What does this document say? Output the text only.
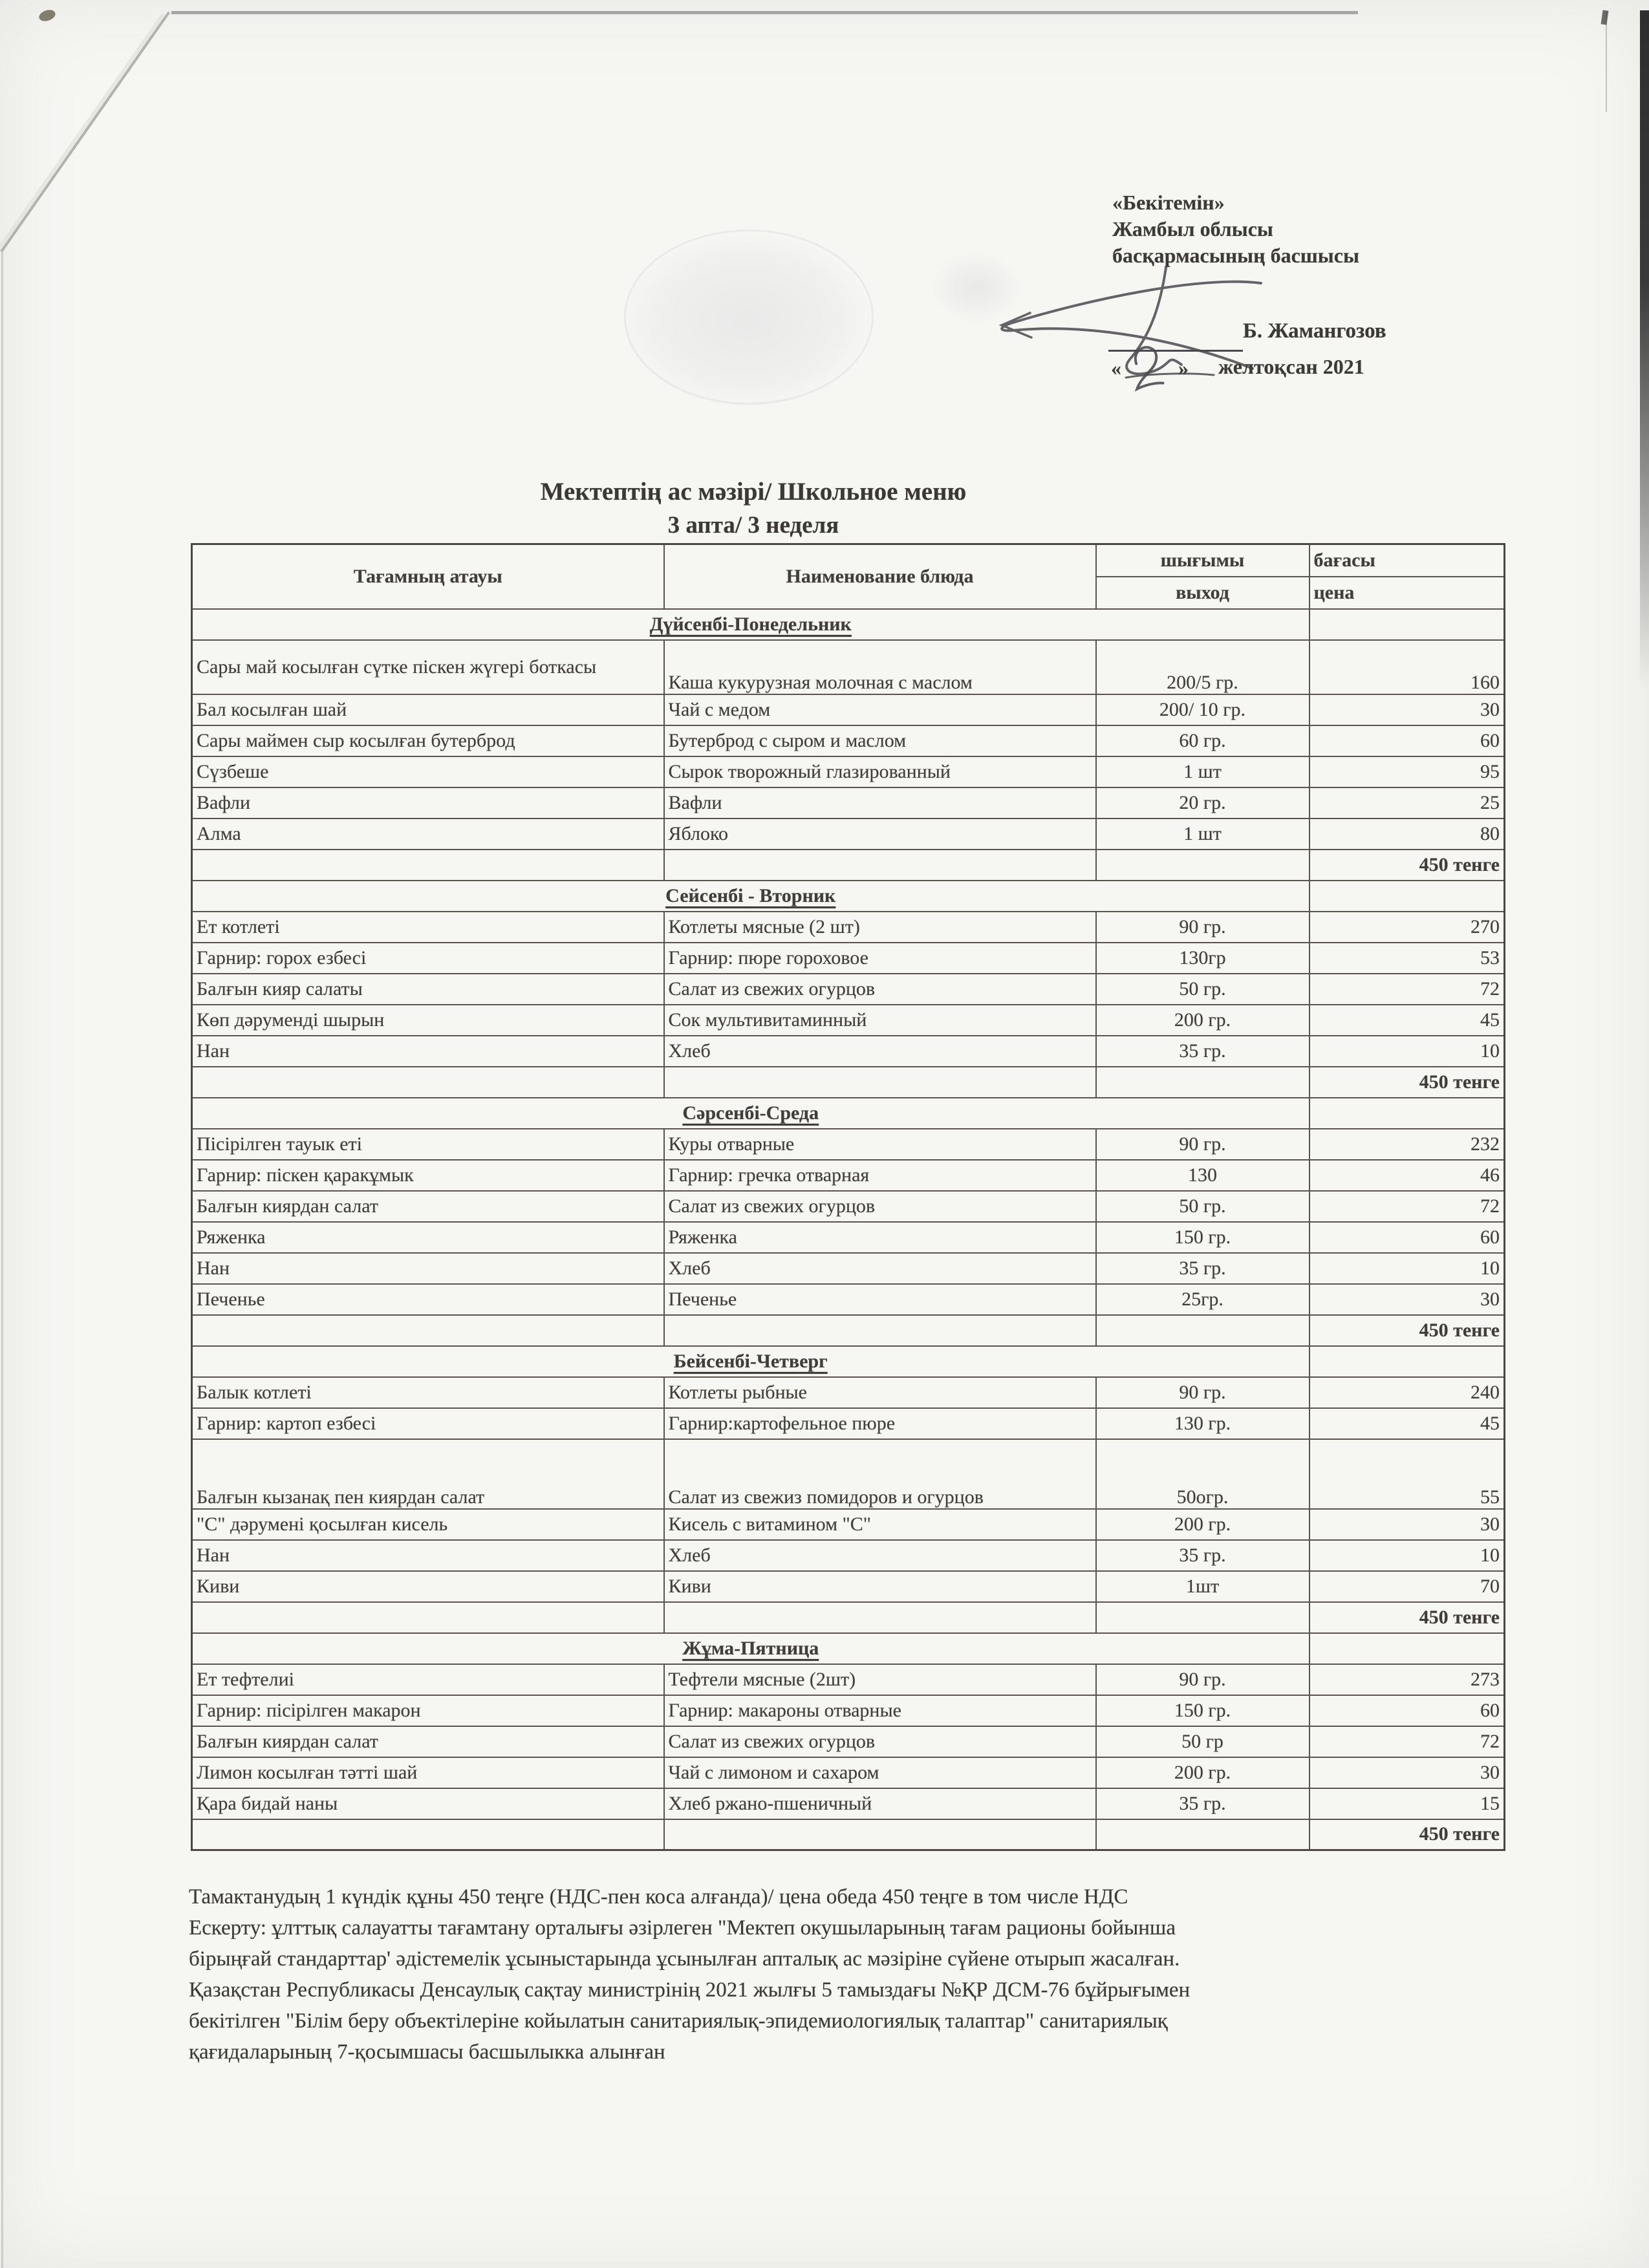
«Бекітемін»
Жамбыл облысы
басқармасының басшысы
Б. Жамангозов
«	» желтоқсан 2021
Мектептің ас мәзірі/ Школьное меню
3 апта/ 3 неделя
Тағамның атауы	Наименование блюда	шығымы	бағасы
		выход	цена
Дүйсенбі-Понедельник			
Сары май косылған сүтке піскен жүгері боткасы	Каша кукурузная молочная с маслом	200/5 гр.	160
Бал косылған шай	Чай с медом	200/ 10 гр.	30
Сары маймен сыр косылған бутерброд	Бутерброд с сыром и маслом	60 гр.	60
Сүзбеше	Сырок творожный глазированный	1 шт	95
Вафли	Вафли	20 гр.	25
Алма	Яблоко	1 шт	80
			450 тенге
Сейсенбі - Вторник			
Ет котлеті	Котлеты мясные (2 шт)	90 гр.	270
Гарнир: горох езбесі	Гарнир: пюре гороховое	130гр	53
Балғын кияр салаты	Салат из свежих огурцов	50 гр.	72
Көп дәруменді шырын	Сок мультивитаминный	200 гр.	45
Нан	Хлеб	35 гр.	10
			450 тенге
Сәрсенбі-Среда			
Пісірілген тауык еті	Куры отварные	90 гр.	232
Гарнир: піскен қаракұмык	Гарнир: гречка отварная	130	46
Балғын киярдан салат	Салат из свежих огурцов	50 гр.	72
Ряженка	Ряженка	150 гр.	60
Нан	Хлеб	35 гр.	10
Печенье	Печенье	25гр.	30
			450 тенге
Бейсенбі-Четверг			
Балык котлеті	Котлеты рыбные	90 гр.	240
Гарнир: картоп езбесі	Гарнир:картофельное пюре	130 гр.	45
Балғын кызанақ пен киярдан салат	Салат из свежиз помидоров и огурцов	50огр.	55
"С" дәрумені қосылған кисель	Кисель с витамином "С"	200 гр.	30
Нан	Хлеб	35 гр.	10
Киви	Киви	1шт	70
			450 тенге
Жұма-Пятница			
Ет тефтелиі	Тефтели мясные (2шт)	90 гр.	273
Гарнир: пісірілген макарон	Гарнир: макароны отварные	150 гр.	60
Балғын киярдан салат	Салат из свежих огурцов	50 гр	72
Лимон косылған тәтті шай	Чай с лимоном и сахаром	200 гр.	30
Қара бидай наны	Хлеб ржано-пшеничный	35 гр.	15
			450 тенге
Тамактанудың 1 күндік құны 450 теңге (НДС-пен коса алғанда)/ цена обеда 450 теңге в том числе НДС
Ескерту: ұлттық салауатты тағамтану орталығы әзірлеген "Мектеп окушыларының тағам рационы бойынша
бірыңғай стандарттар' әдістемелік ұсыныстарында ұсынылған апталық ас мәзіріне сүйене отырып жасалған.
Қазақстан Республикасы Денсаулық сақтау министрінің 2021 жылғы 5 тамыздағы №ҚР ДСМ-76 бұйрығымен
бекітілген "Білім беру объектілеріне койылатын санитариялық-эпидемиологиялық талаптар" санитариялық
қағидаларының 7-қосымшасы басшылыкка алынған
